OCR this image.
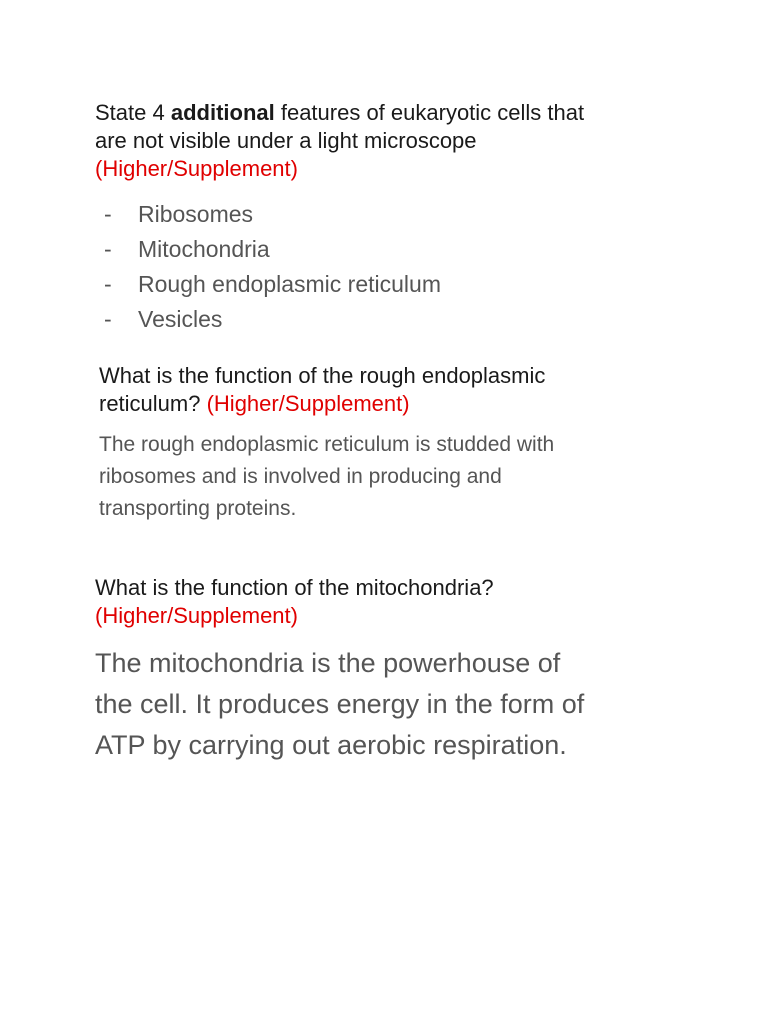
State 4 additional features of eukaryotic cells that
are not visible under a light microscope
(Higher/Supplement)
-	Ribosomes
-	Mitochondria
-	Rough endoplasmic reticulum
-	Vesicles
What is the function of the rough endoplasmic
reticulum? (Higher/Supplement)
The rough endoplasmic reticulum is studded with
ribosomes and is involved in producing and
transporting proteins.
What is the function of the mitochondria?
(Higher/Supplement)
The mitochondria is the powerhouse of
the cell. It produces energy in the form of
ATP by carrying out aerobic respiration.
